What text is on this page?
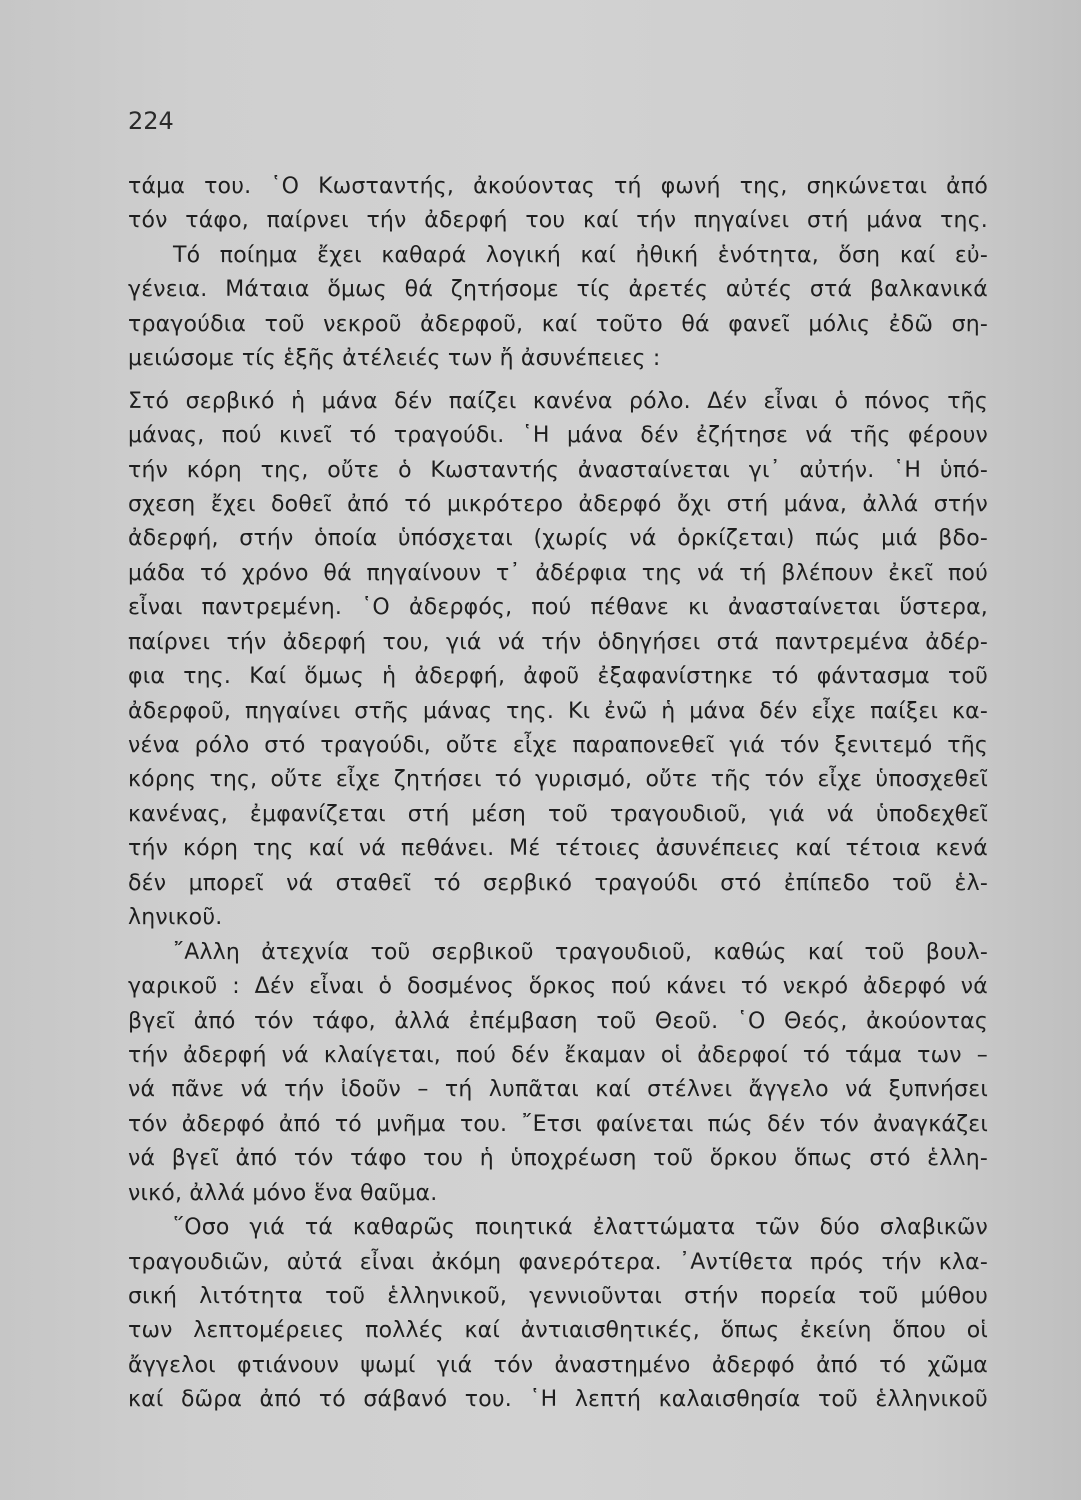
224
τάμα του. ῾Ο Κωσταντής, ἀκούοντας τή φωνή της, σηκώνεται ἀπό
τόν τάφο, παίρνει τήν ἀδερφή του καί τήν πηγαίνει στή μάνα της.
Τό ποίημα ἔχει καθαρά λογική καί ἠθική ἑνότητα, ὅση καί εὐ-
γένεια. Μάταια ὅμως θά ζητήσομε τίς ἀρετές αὐτές στά βαλκανικά
τραγούδια τοῦ νεκροῦ ἀδερφοῦ, καί τοῦτο θά φανεῖ μόλις ἐδῶ ση-
μειώσομε τίς ἑξῆς ἀτέλειές των ἤ ἀσυνέπειες :
Στό σερβικό ἡ μάνα δέν παίζει κανένα ρόλο. Δέν εἶναι ὁ πόνος τῆς
μάνας, πού κινεῖ τό τραγούδι. ῾Η μάνα δέν ἐζήτησε νά τῆς φέρουν
τήν κόρη της, οὔτε ὁ Κωσταντής ἀνασταίνεται γι᾽ αὐτήν. ῾Η ὑπό-
σχεση ἔχει δοθεῖ ἀπό τό μικρότερο ἀδερφό ὄχι στή μάνα, ἀλλά στήν
ἀδερφή, στήν ὁποία ὑπόσχεται (χωρίς νά ὁρκίζεται) πώς μιά βδο-
μάδα τό χρόνο θά πηγαίνουν τ᾽ ἀδέρφια της νά τή βλέπουν ἐκεῖ πού
εἶναι παντρεμένη. ῾Ο ἀδερφός, πού πέθανε κι ἀνασταίνεται ὕστερα,
παίρνει τήν ἀδερφή του, γιά νά τήν ὁδηγήσει στά παντρεμένα ἀδέρ-
φια της. Καί ὅμως ἡ ἀδερφή, ἀφοῦ ἐξαφανίστηκε τό φάντασμα τοῦ
ἀδερφοῦ, πηγαίνει στῆς μάνας της. Κι ἐνῶ ἡ μάνα δέν εἶχε παίξει κα-
νένα ρόλο στό τραγούδι, οὔτε εἶχε παραπονεθεῖ γιά τόν ξενιτεμό τῆς
κόρης της, οὔτε εἶχε ζητήσει τό γυρισμό, οὔτε τῆς τόν εἶχε ὑποσχεθεῖ
κανένας, ἐμφανίζεται στή μέση τοῦ τραγουδιοῦ, γιά νά ὑποδεχθεῖ
τήν κόρη της καί νά πεθάνει. Μέ τέτοιες ἀσυνέπειες καί τέτοια κενά
δέν μπορεῖ νά σταθεῖ τό σερβικό τραγούδι στό ἐπίπεδο τοῦ ἑλ-
ληνικοῦ.
῎Αλλη ἀτεχνία τοῦ σερβικοῦ τραγουδιοῦ, καθώς καί τοῦ βουλ-
γαρικοῦ : Δέν εἶναι ὁ δοσμένος ὅρκος πού κάνει τό νεκρό ἀδερφό νά
βγεῖ ἀπό τόν τάφο, ἀλλά ἐπέμβαση τοῦ Θεοῦ. ῾Ο Θεός, ἀκούοντας
τήν ἀδερφή νά κλαίγεται, πού δέν ἔκαμαν οἱ ἀδερφοί τό τάμα των –
νά πᾶνε νά τήν ἰδοῦν – τή λυπᾶται καί στέλνει ἄγγελο νά ξυπνήσει
τόν ἀδερφό ἀπό τό μνῆμα του. ῎Ετσι φαίνεται πώς δέν τόν ἀναγκάζει
νά βγεῖ ἀπό τόν τάφο του ἡ ὑποχρέωση τοῦ ὅρκου ὅπως στό ἑλλη-
νικό, ἀλλά μόνο ἕνα θαῦμα.
῞Οσο γιά τά καθαρῶς ποιητικά ἐλαττώματα τῶν δύο σλαβικῶν
τραγουδιῶν, αὐτά εἶναι ἀκόμη φανερότερα. ᾽Αντίθετα πρός τήν κλα-
σική λιτότητα τοῦ ἑλληνικοῦ, γεννιοῦνται στήν πορεία τοῦ μύθου
των λεπτομέρειες πολλές καί ἀντιαισθητικές, ὅπως ἐκείνη ὅπου οἱ
ἄγγελοι φτιάνουν ψωμί γιά τόν ἀναστημένο ἀδερφό ἀπό τό χῶμα
καί δῶρα ἀπό τό σάβανό του. ῾Η λεπτή καλαισθησία τοῦ ἑλληνικοῦ
